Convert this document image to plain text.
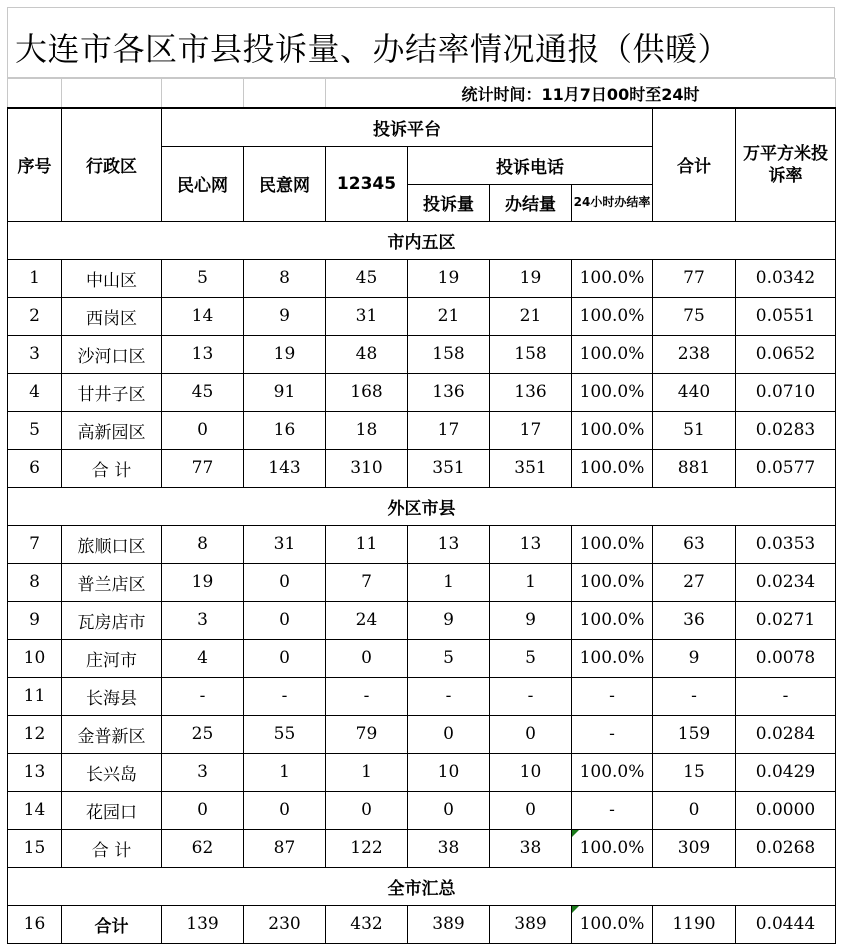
大连市各区市县投诉量、办结率情况通报（供暖）
				统计时间：11月7日00时至24时					
序号	行政区	投诉平台						合计	万平方米投诉率
		民心网	民意网	12345	投诉电话				
					投诉量	办结量	24小时办结率		
市内五区									
1	中山区	5	8	45	19	19	100.0%	77	0.0342
2	西岗区	14	9	31	21	21	100.0%	75	0.0551
3	沙河口区	13	19	48	158	158	100.0%	238	0.0652
4	甘井子区	45	91	168	136	136	100.0%	440	0.0710
5	高新园区	0	16	18	17	17	100.0%	51	0.0283
6	合 计	77	143	310	351	351	100.0%	881	0.0577
外区市县									
7	旅顺口区	8	31	11	13	13	100.0%	63	0.0353
8	普兰店区	19	0	7	1	1	100.0%	27	0.0234
9	瓦房店市	3	0	24	9	9	100.0%	36	0.0271
10	庄河市	4	0	0	5	5	100.0%	9	0.0078
11	长海县	-	-	-	-	-	-	-	-
12	金普新区	25	55	79	0	0	-	159	0.0284
13	长兴岛	3	1	1	10	10	100.0%	15	0.0429
14	花园口	0	0	0	0	0	-	0	0.0000
15	合 计	62	87	122	38	38	100.0%	309	0.0268
全市汇总									
16	合计	139	230	432	389	389	100.0%	1190	0.0444
